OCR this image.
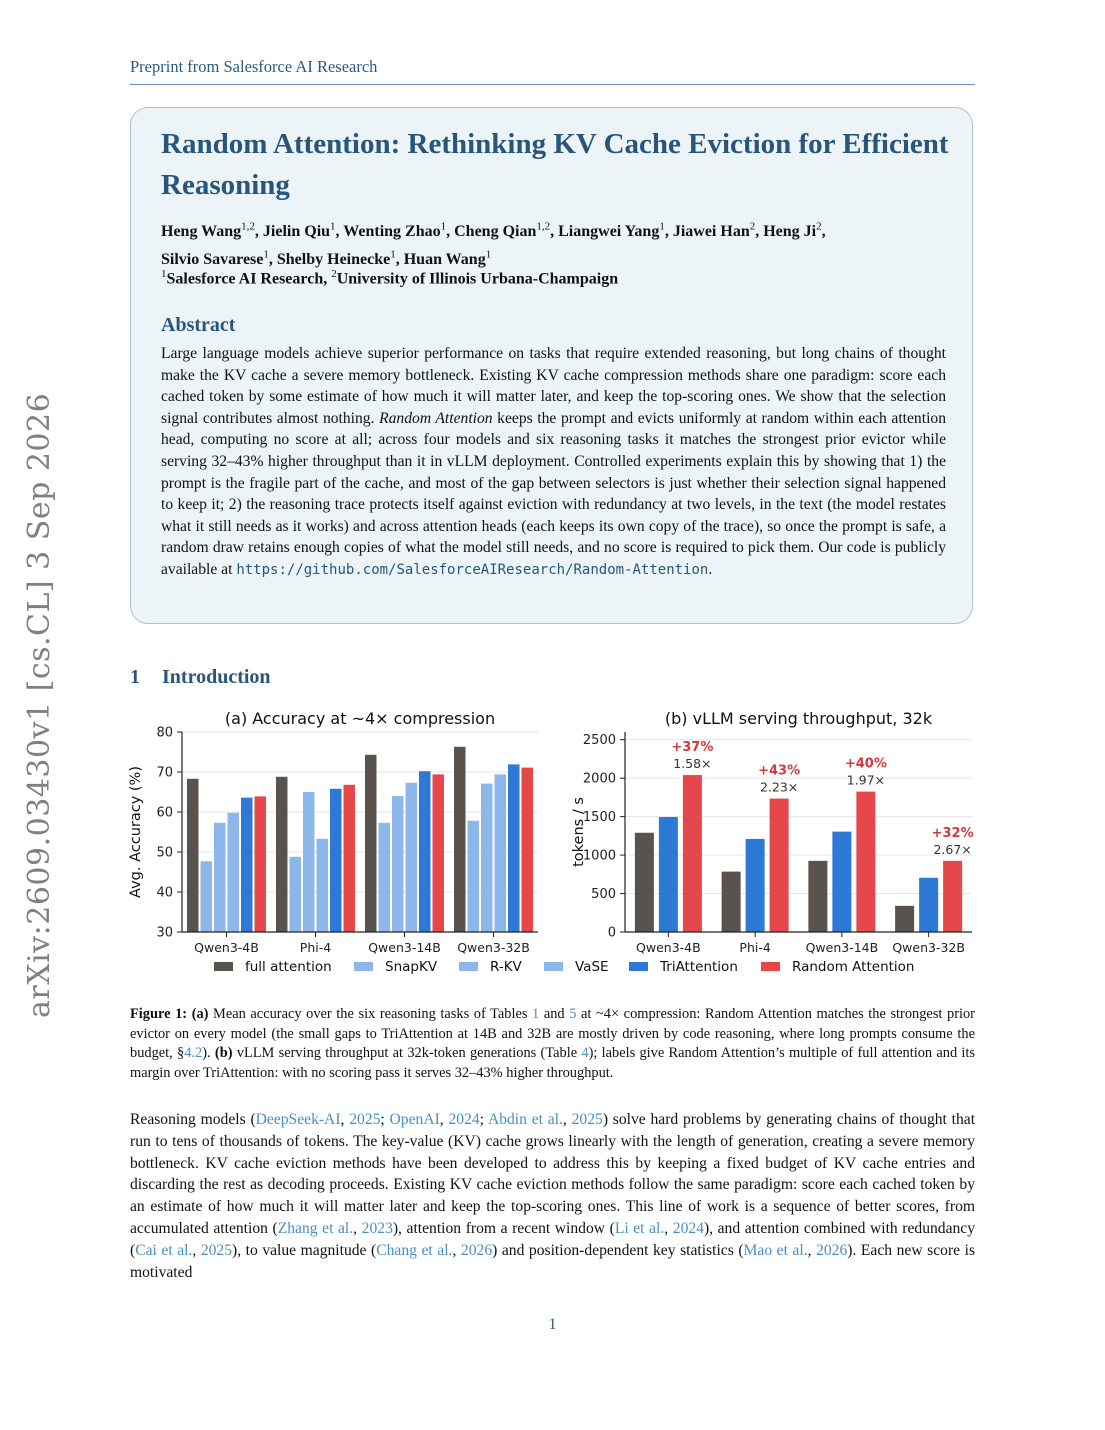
arXiv:2609.03430v1 [cs.CL] 3 Sep 2026
Preprint from Salesforce AI Research
Random Attention: Rethinking KV Cache Eviction for Efficient Reasoning

Heng Wang$^{1,2}$, Jielin Qiu$^1$, Wenting Zhao$^1$, Cheng Qian$^{1,2}$, Liangwei Yang$^1$, Jiawei Han$^2$, Heng Ji$^2$,
Silvio Savarese$^1$, Shelby Heinecke$^1$, Huan Wang$^1$

$^1$Salesforce AI Research, $^2$University of Illinois Urbana-Champaign

Abstract

Large language models achieve superior performance on tasks that require extended reasoning, but long chains of thought make the KV cache a severe memory bottleneck. Existing KV cache compression methods share one paradigm: score each cached token by some estimate of how much it will matter later, and keep the top-scoring ones. We show that the selection signal contributes almost nothing. Random Attention keeps the prompt and evicts uniformly at random within each attention head, computing no score at all; across four models and six reasoning tasks it matches the strongest prior evictor while serving 32–43% higher throughput than it in vLLM deployment. Controlled experiments explain this by showing that 1) the prompt is the fragile part of the cache, and most of the gap between selectors is just whether their selection signal happened to keep it; 2) the reasoning trace protects itself against eviction with redundancy at two levels, in the text (the model restates what it still needs as it works) and across attention heads (each keeps its own copy of the trace), so once the prompt is safe, a random draw retains enough copies of what the model still needs, and no score is required to pick them. Our code is publicly available at https://github.com/SalesforceAIResearch/Random-Attention.

1 Introduction
30
40
50
60
70
80
Qwen3-4B	Phi-4	Qwen3-14B Qwen3-32B
(a) Accuracy at ~4× compression
Avg. Accuracy (%)
0
500
1000
1500
2000
2500
Qwen3-4B
1.58×
+37%
Phi-4
2.23×
+43%
Qwen3-14B
1.97×
+40%
Qwen3-32B
2.67×
+32%
(b) vLLM serving throughput, 32k
tokens / s
full attention	SnapKV	R-KV	VaSE	TriAttention	Random Attention

Figure 1: (a) Mean accuracy over the six reasoning tasks of Tables 1 and 5 at ~4× compression: Random Attention matches the strongest prior evictor on every model (the small gaps to TriAttention at 14B and 32B are mostly driven by code reasoning, where long prompts consume the budget, §4.2). (b) vLLM serving throughput at 32k-token generations (Table 4); labels give Random Attention’s multiple of full attention and its margin over TriAttention: with no scoring pass it serves 32–43% higher throughput.

Reasoning models (DeepSeek-AI, 2025; OpenAI, 2024; Abdin et al., 2025) solve hard problems by generating chains of thought that run to tens of thousands of tokens. The key-value (KV) cache grows linearly with the length of generation, creating a severe memory bottleneck. KV cache eviction methods have been developed to address this by keeping a fixed budget of KV cache entries and discarding the rest as decoding proceeds. Existing KV cache eviction methods follow the same paradigm: score each cached token by an estimate of how much it will matter later and keep the top-scoring ones. This line of work is a sequence of better scores, from accumulated attention (Zhang et al., 2023), attention from a recent window (Li et al., 2024), and attention combined with redundancy (Cai et al., 2025), to value magnitude (Chang et al., 2026) and position-dependent key statistics (Mao et al., 2026). Each new score is motivated

1
